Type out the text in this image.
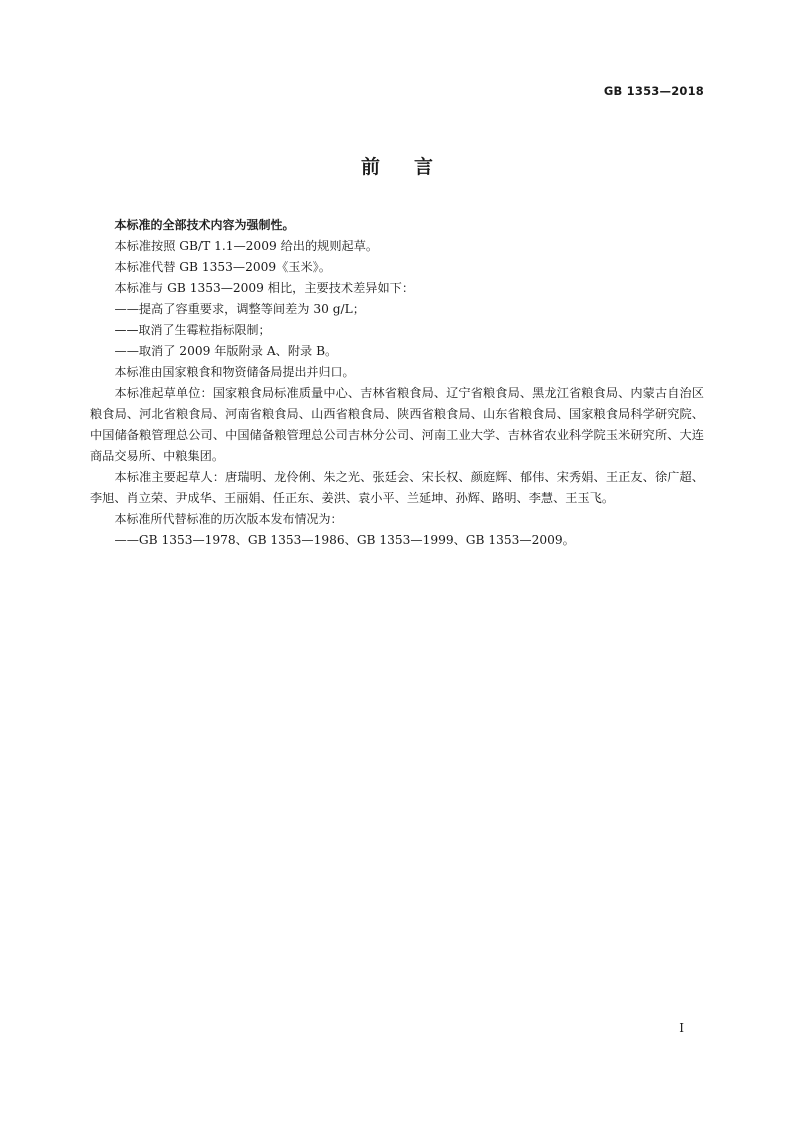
GB 1353—2018
前言

本标准的全部技术内容为强制性。

本标准按照 GB/T 1.1—2009 给出的规则起草。

本标准代替 GB 1353—2009《玉米》。

本标准与 GB 1353—2009 相比，主要技术差异如下：

——提高了容重要求，调整等间差为 30 g/L；

——取消了生霉粒指标限制；

——取消了 2009 年版附录 A、附录 B。

本标准由国家粮食和物资储备局提出并归口。

本标准起草单位：国家粮食局标准质量中心、吉林省粮食局、辽宁省粮食局、黑龙江省粮食局、内蒙古自治区粮食局、河北省粮食局、河南省粮食局、山西省粮食局、陕西省粮食局、山东省粮食局、国家粮食局科学研究院、中国储备粮管理总公司、中国储备粮管理总公司吉林分公司、河南工业大学、吉林省农业科学院玉米研究所、大连商品交易所、中粮集团。

本标准主要起草人：唐瑞明、龙伶俐、朱之光、张廷会、宋长权、颜庭辉、郁伟、宋秀娟、王正友、徐广超、李旭、肖立荣、尹成华、王丽娟、任正东、姜洪、袁小平、兰延坤、孙辉、路明、李慧、王玉飞。

本标准所代替标准的历次版本发布情况为：

——GB 1353—1978、GB 1353—1986、GB 1353—1999、GB 1353—2009。

I
